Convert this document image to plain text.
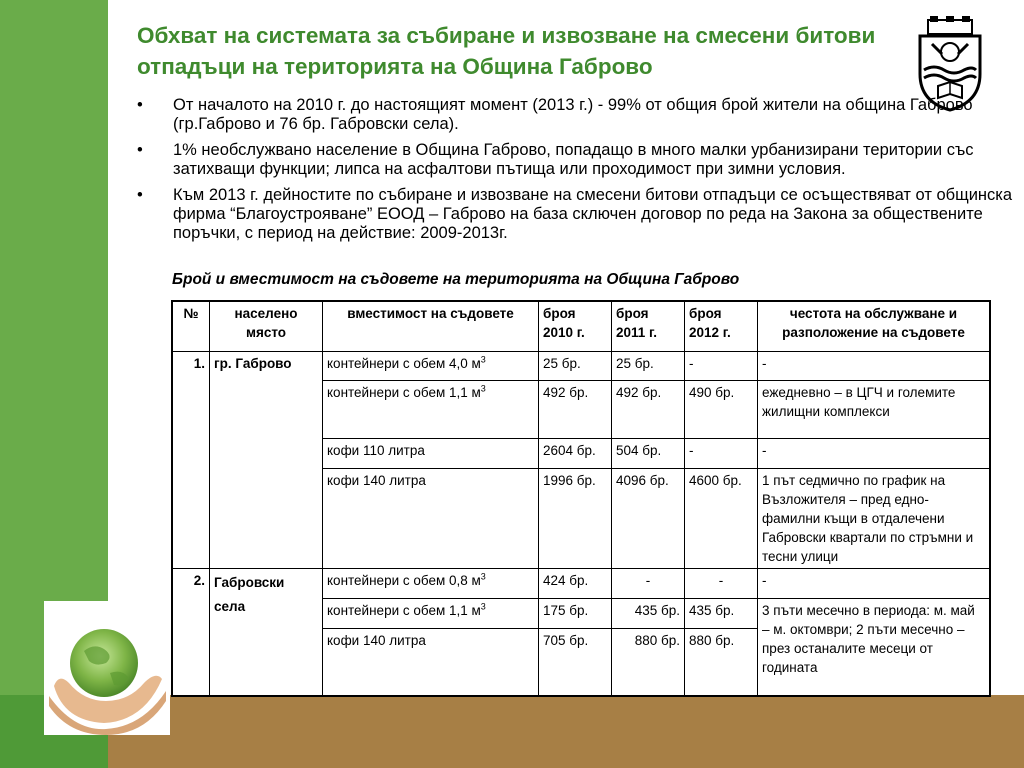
Обхват на системата за събиране и извозване на смесени битови отпадъци на територията на Община Габрово
• От началото на 2010 г. до настоящият момент (2013 г.) - 99% от общия брой жители на община Габрово (гр.Габрово и 76 бр. Габровски села).
• 1% необслужвано население в Община Габрово, попадащо в много малки урбанизирани територии със затихващи функции; липса на асфалтови пътища или проходимост при зимни условия.
• Към 2013 г. дейностите по събиране и извозване на смесени битови отпадъци се осъществяват от общинска фирма “Благоустрояване” ЕООД – Габрово на база сключен договор по реда на Закона за обществените поръчки, с период на действие: 2009-2013г.
Брой и вместимост на съдовете на територията на Община Габрово
№	населено място	вместимост на съдовете	броя 2010 г.	броя 2011 г.	броя 2012 г.	честота на обслужване и разположение на съдовете
1.	гр. Габрово	контейнери с обем 4,0 $м^3$	25 бр.	25 бр.	-	-
		контейнери с обем 1,1 $м^3$	492 бр.	492 бр.	490 бр.	ежедневно – в ЦГЧ и големите жилищни комплекси
		кофи 110 литра	2604 бр.	504 бр.	-	-
		кофи 140 литра	1996 бр.	4096 бр.	4600 бр.	1 път седмично по график на Възложителя – пред едно-фамилни къщи в отдалечени Габровски квартали по стръмни и тесни улици
2.	Габровски села	контейнери с обем 0,8 $м^3$	424 бр.	-	-	-
		контейнери с обем 1,1 $м^3$	175 бр.	435 бр.	435 бр.	3 пъти месечно в периода: м. май – м. октомври; 2 пъти месечно – през останалите месеци от годината
		кофи 140 литра	705 бр.	880 бр.	880 бр.	
